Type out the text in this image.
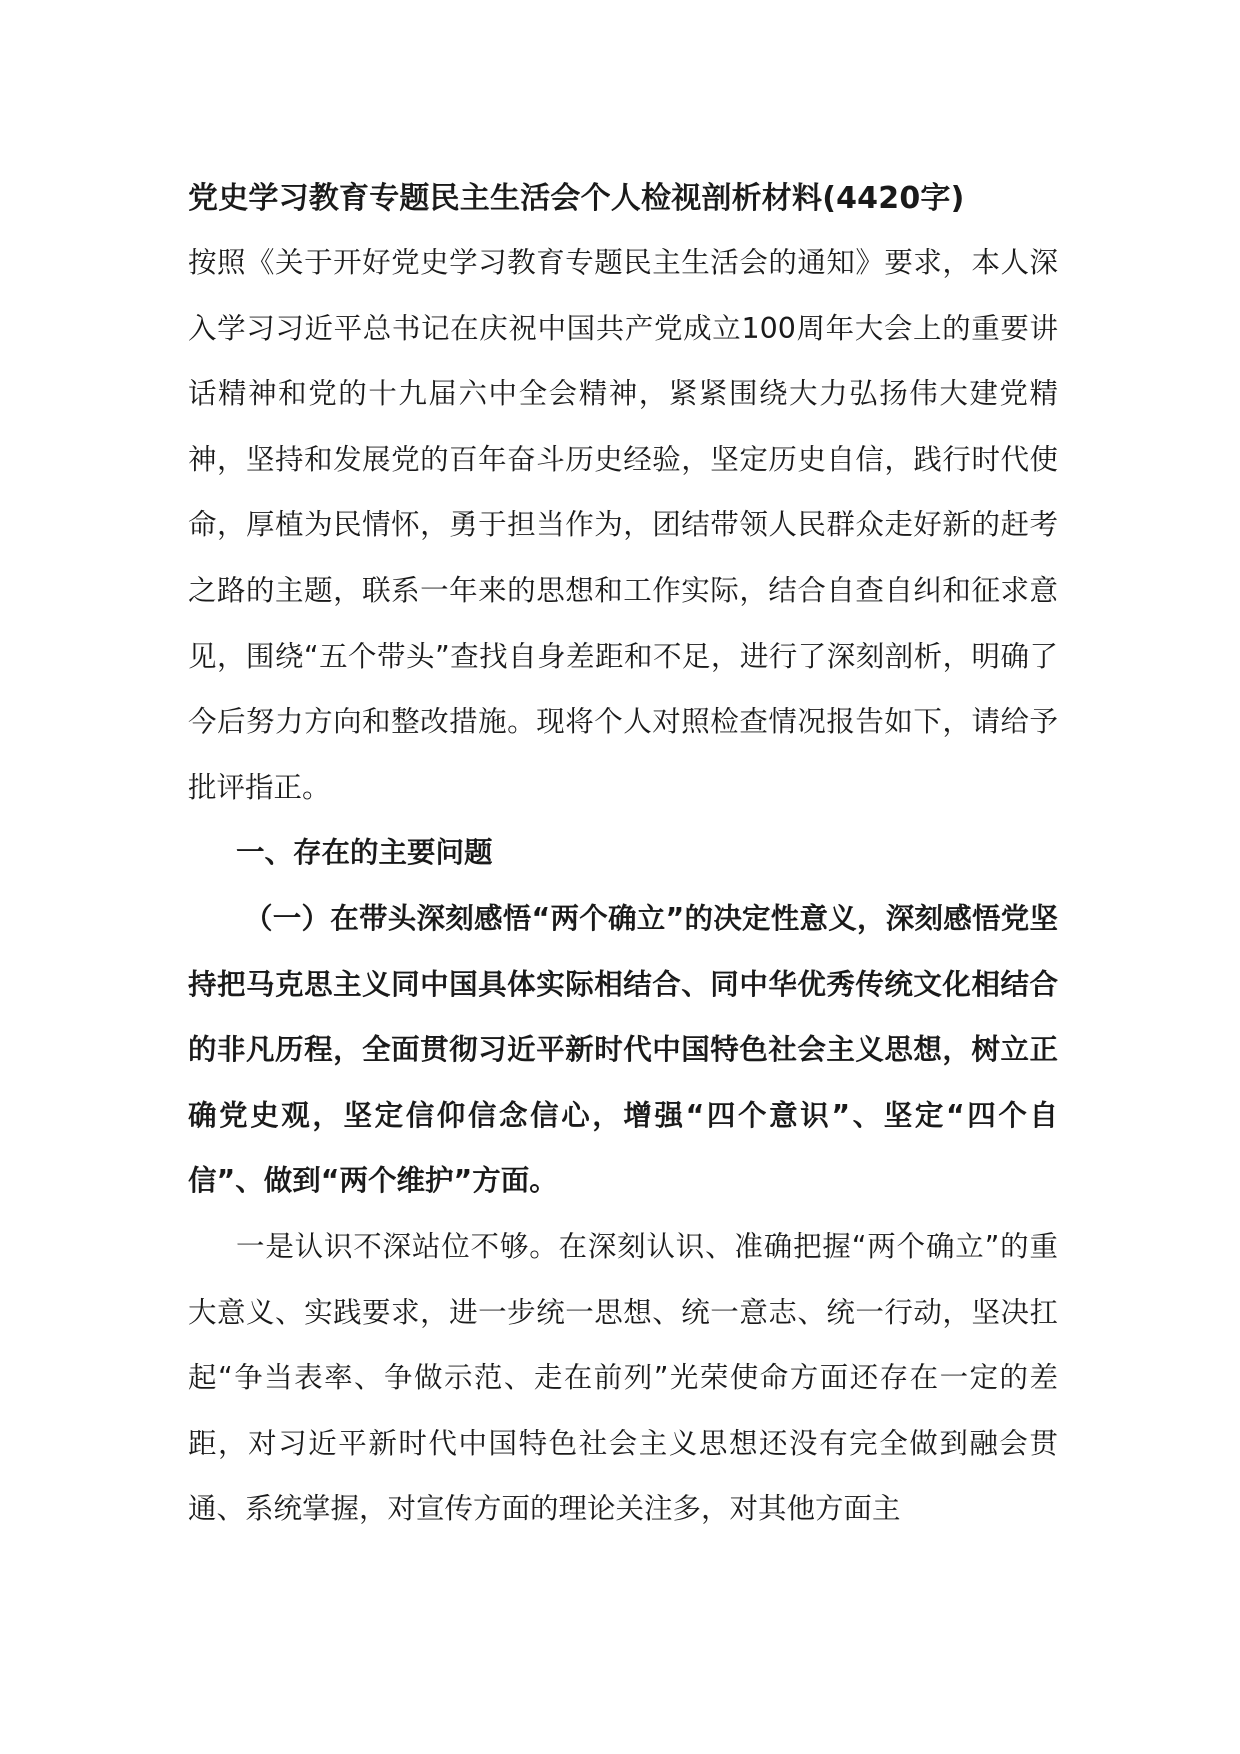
党史学习教育专题民主生活会个人检视剖析材料(4420字)

按照《关于开好党史学习教育专题民主生活会的通知》要求，本人深入学习习近平总书记在庆祝中国共产党成立100周年大会上的重要讲话精神和党的十九届六中全会精神，紧紧围绕大力弘扬伟大建党精神，坚持和发展党的百年奋斗历史经验，坚定历史自信，践行时代使命，厚植为民情怀，勇于担当作为，团结带领人民群众走好新的赶考之路的主题，联系一年来的思想和工作实际，结合自查自纠和征求意见，围绕“五个带头”查找自身差距和不足，进行了深刻剖析，明确了今后努力方向和整改措施。现将个人对照检查情况报告如下，请给予批评指正。

一、存在的主要问题

（一）在带头深刻感悟“两个确立”的决定性意义，深刻感悟党坚持把马克思主义同中国具体实际相结合、同中华优秀传统文化相结合的非凡历程，全面贯彻习近平新时代中国特色社会主义思想，树立正确党史观，坚定信仰信念信心，增强“四个意识”、坚定“四个自信”、做到“两个维护”方面。

一是认识不深站位不够。在深刻认识、准确把握“两个确立”的重大意义、实践要求，进一步统一思想、统一意志、统一行动，坚决扛起“争当表率、争做示范、走在前列”光荣使命方面还存在一定的差距，对习近平新时代中国特色社会主义思想还没有完全做到融会贯通、系统掌握，对宣传方面的理论关注多，对其他方面主
